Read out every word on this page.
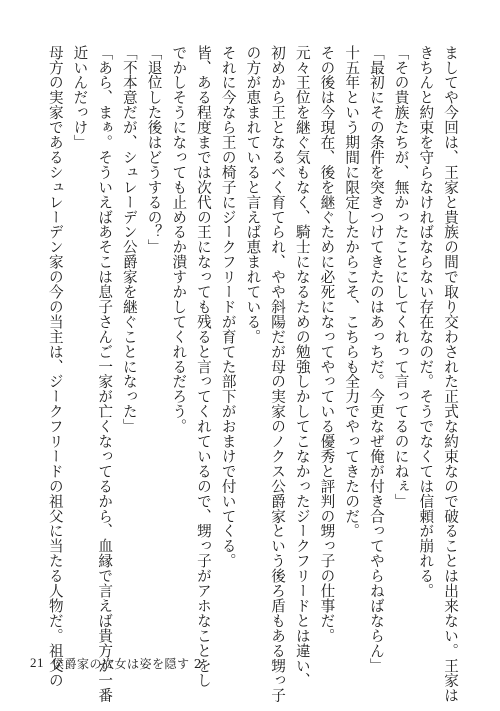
ましてや今回は、王家と貴族の間で取り交わされた正式な約束なので破ることは出来ない。王家は
きちんと約束を守らなければならない存在なのだ。そうでなくては信頼が崩れる。
「その貴族たちが、無かったことにしてくれって言ってるのにねぇ」
「最初にその条件を突きつけてきたのはあっちだ。今更なぜ俺が付き合ってやらねばならん」
十五年という期間に限定したからこそ、こちらも全力でやってきたのだ。
その後は今現在、後を継ぐために必死になってやっている優秀と評判の甥っ子の仕事だ。
元々王位を継ぐ気もなく、騎士になるための勉強しかしてこなかったジークフリードとは違い、
初めから王となるべく育てられ、やや斜陽だが母の実家のノクス公爵家という後ろ盾もある甥っ子
の方が恵まれていると言えば恵まれている。
それに今なら王の椅子にジークフリードが育てた部下がおまけで付いてくる。
皆、ある程度までは次代の王になっても残ると言ってくれているので、甥っ子がアホなことをし
でかしそうになっても止めるか潰すかしてくれるだろう。
「退位した後はどうするの？」
「不本意だが、シュレーデン公爵家を継ぐことになった」
「あら、まぁ。そういえばあそこは息子さんご一家が亡くなってるから、血縁で言えば貴方が一番
近いんだっけ」
母方の実家であるシュレーデン家の今の当主は、ジークフリードの祖父に当たる人物だ。祖父の
21 侯爵家の次女は姿を隠す 2
